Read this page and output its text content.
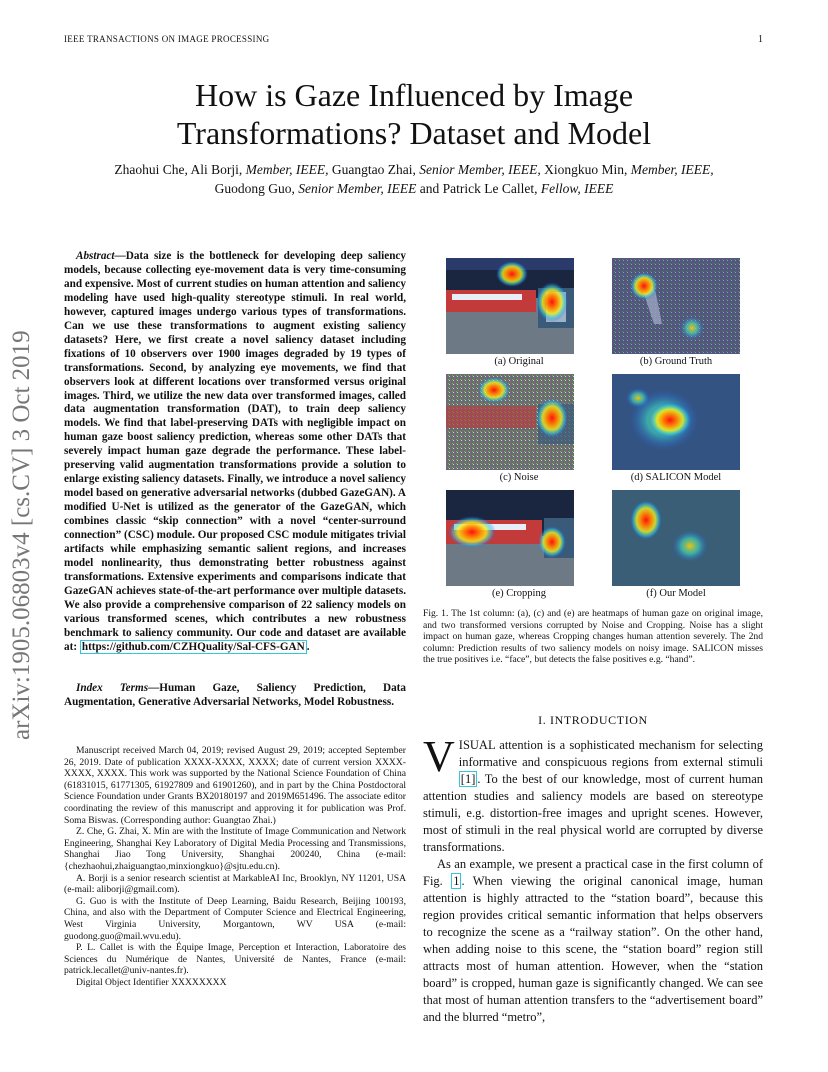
IEEE TRANSACTIONS ON IMAGE PROCESSING	1
arXiv:1905.06803v4 [cs.CV] 3 Oct 2019
How is Gaze Influenced by Image
Transformations? Dataset and Model
Zhaohui Che, Ali Borji, Member, IEEE, Guangtao Zhai, Senior Member, IEEE, Xiongkuo Min, Member, IEEE,
Guodong Guo, Senior Member, IEEE and Patrick Le Callet, Fellow, IEEE
Abstract—Data size is the bottleneck for developing deep saliency models, because collecting eye-movement data is very time-consuming and expensive. Most of current studies on human attention and saliency modeling have used high-quality stereotype stimuli. In real world, however, captured images undergo various types of transformations. Can we use these transformations to augment existing saliency datasets? Here, we first create a novel saliency dataset including fixations of 10 observers over 1900 images degraded by 19 types of transformations. Second, by analyzing eye movements, we find that observers look at different locations over transformed versus original images. Third, we utilize the new data over transformed images, called data augmentation transformation (DAT), to train deep saliency models. We find that label-preserving DATs with negligible impact on human gaze boost saliency prediction, whereas some other DATs that severely impact human gaze degrade the performance. These label-preserving valid augmentation transformations provide a solution to enlarge existing saliency datasets. Finally, we introduce a novel saliency model based on generative adversarial networks (dubbed GazeGAN). A modified U-Net is utilized as the generator of the GazeGAN, which combines classic “skip connection” with a novel “center-surround connection” (CSC) module. Our proposed CSC module mitigates trivial artifacts while emphasizing semantic salient regions, and increases model nonlinearity, thus demonstrating better robustness against transformations. Extensive experiments and comparisons indicate that GazeGAN achieves state-of-the-art performance over multiple datasets. We also provide a comprehensive comparison of 22 saliency models on various transformed scenes, which contributes a new robustness benchmark to saliency community. Our code and dataset are available at: https://github.com/CZHQuality/Sal-CFS-GAN .
Index Terms—Human Gaze, Saliency Prediction, Data Augmentation, Generative Adversarial Networks, Model Robustness.

Manuscript received March 04, 2019; revised August 29, 2019; accepted September 26, 2019. Date of publication XXXX-XXXX, XXXX; date of current version XXXX-XXXX, XXXX. This work was supported by the National Science Foundation of China (61831015, 61771305, 61927809 and 61901260), and in part by the China Postdoctoral Science Foundation under Grants BX20180197 and 2019M651496. The associate editor coordinating the review of this manuscript and approving it for publication was Prof. Soma Biswas. (Corresponding author: Guangtao Zhai.)

Z. Che, G. Zhai, X. Min are with the Institute of Image Communication and Network Engineering, Shanghai Key Laboratory of Digital Media Processing and Transmissions, Shanghai Jiao Tong University, Shanghai 200240, China (e-mail: {chezhaohui,zhaiguangtao,minxiongkuo}@sjtu.edu.cn).

A. Borji is a senior research scientist at MarkableAI Inc, Brooklyn, NY 11201, USA (e-mail: aliborji@gmail.com).

G. Guo is with the Institute of Deep Learning, Baidu Research, Beijing 100193, China, and also with the Department of Computer Science and Electrical Engineering, West Virginia University, Morgantown, WV USA (e-mail: guodong.guo@mail.wvu.edu).

P. L. Callet is with the Équipe Image, Perception et Interaction, Laboratoire des Sciences du Numérique de Nantes, Université de Nantes, France (e-mail: patrick.lecallet@univ-nantes.fr).

Digital Object Identifier XXXXXXXX

(a) Original	(b) Ground Truth
(c) Noise	(d) SALICON Model
(e) Cropping	(f) Our Model
Fig. 1. The 1st column: (a), (c) and (e) are heatmaps of human gaze on original image, and two transformed versions corrupted by Noise and Cropping. Noise has a slight impact on human gaze, whereas Cropping changes human attention severely. The 2nd column: Prediction results of two saliency models on noisy image. SALICON misses the true positives i.e. “face”, but detects the false positives e.g. “hand”.
I. INTRODUCTION

VISUAL attention is a sophisticated mechanism for selecting informative and conspicuous regions from external stimuli [1] . To the best of our knowledge, most of current human attention studies and saliency models are based on stereotype stimuli, e.g. distortion-free images and upright scenes. However, most of stimuli in the real physical world are corrupted by diverse transformations.

As an example, we present a practical case in the first column of Fig. 1 . When viewing the original canonical image, human attention is highly attracted to the “station board”, because this region provides critical semantic information that helps observers to recognize the scene as a “railway station”. On the other hand, when adding noise to this scene, the “station board” region still attracts most of human attention. However, when the “station board” is cropped, human gaze is significantly changed. We can see that most of human attention transfers to the “advertisement board” and the blurred “metro”,
